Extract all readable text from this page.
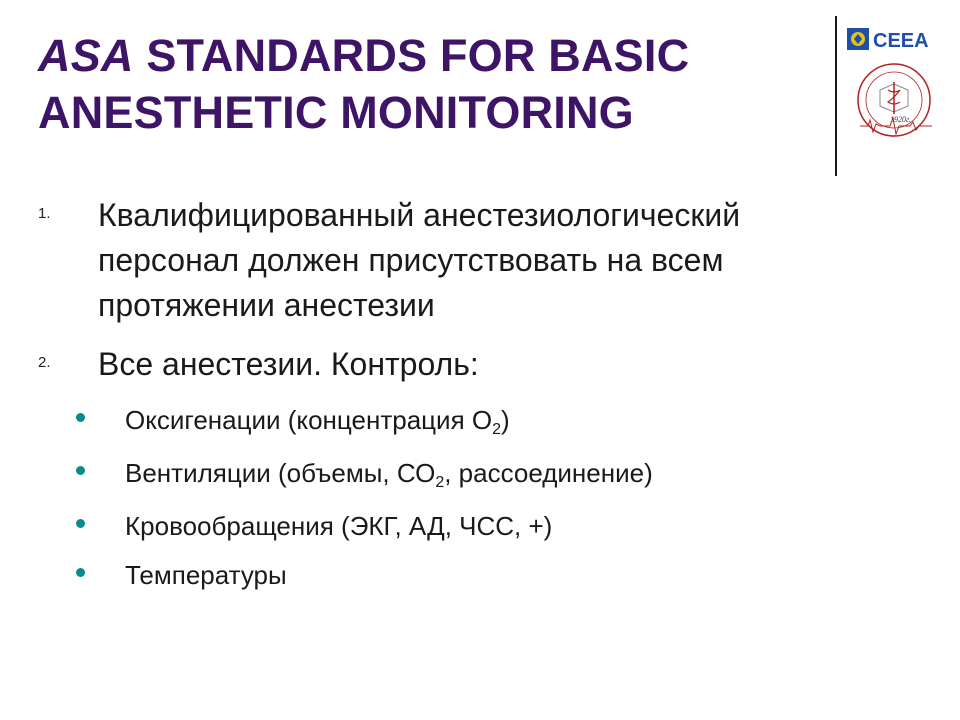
ASA STANDARDS FOR BASIC
ANESTHETIC MONITORING
CEEA
1920г.
1. Квалифицированный анестезиологический
персонал должен присутствовать на всем
протяжении анестезии
2. Все анестезии. Контроль:
Оксигенации (концентрация $О_2$)
Вентиляции (объемы, $СО_2$, рассоединение)
Кровообращения (ЭКГ, АД, ЧСС, +)
Температуры
